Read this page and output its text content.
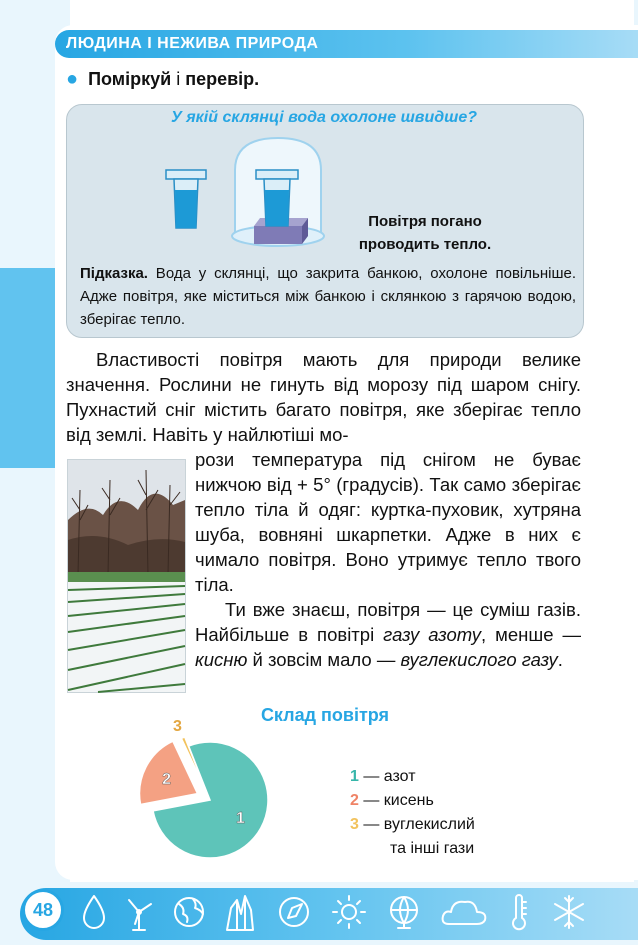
ЛЮДИНА І НЕЖИВА ПРИРОДА
● Поміркуй і перевір.
У якій склянці вода охолоне швидше?
Повітря погано
проводить тепло.
Підказка. Вода у склянці, що закрита банкою, охолоне повільніше. Адже повітря, яке міститься між банкою і склянкою з гарячою водою, зберігає тепло.
Властивості повітря мають для природи велике значення. Рослини не гинуть від морозу під шаром снігу. Пухнастий сніг містить багато повітря, яке зберігає тепло від землі. Навіть у найлютіші мо-
рози температура під снігом не буває нижчою від + 5° (градусів). Так само зберігає тепло тіла й одяг: куртка-пуховик, хутряна шуба, вовняні шкарпетки. Адже в них є чимало повітря. Воно утримує тепло твого тіла.
Ти вже знаєш, повітря — це суміш газів. Найбільше в повітрі газу азоту, менше — кисню й зовсім мало — вуглекислого газу.
Склад повітря
1
2
3
1 — азот
2 — кисень
3 — вуглекислий
та інші гази
48
